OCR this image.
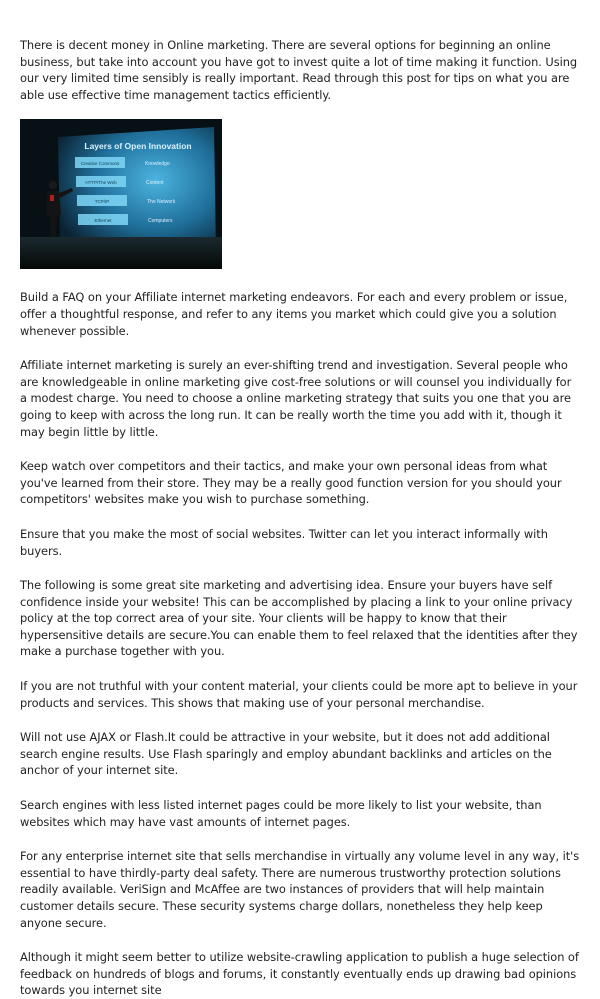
There is decent money in Online marketing. There are several options for beginning an online business, but take into account you have got to invest quite a lot of time making it function. Using our very limited time sensibly is really important. Read through this post for tips on what you are able use effective time management tactics efficiently.

Layers of Open Innovation
Creative Commons	Knowledge
HTTP/The Web	Content
TCP/IP	The Network
Ethernet	Computers

Build a FAQ on your Affiliate internet marketing endeavors. For each and every problem or issue, offer a thoughtful response, and refer to any items you market which could give you a solution whenever possible.

Affiliate internet marketing is surely an ever-shifting trend and investigation. Several people who are knowledgeable in online marketing give cost-free solutions or will counsel you individually for a modest charge. You need to choose a online marketing strategy that suits you one that you are going to keep with across the long run. It can be really worth the time you add with it, though it may begin little by little.

Keep watch over competitors and their tactics, and make your own personal ideas from what you've learned from their store. They may be a really good function version for you should your competitors' websites make you wish to purchase something.

Ensure that you make the most of social websites. Twitter can let you interact informally with buyers.

The following is some great site marketing and advertising idea. Ensure your buyers have self confidence inside your website! This can be accomplished by placing a link to your online privacy policy at the top correct area of your site. Your clients will be happy to know that their hypersensitive details are secure.You can enable them to feel relaxed that the identities after they make a purchase together with you.

If you are not truthful with your content material, your clients could be more apt to believe in your products and services. This shows that making use of your personal merchandise.

Will not use AJAX or Flash.It could be attractive in your website, but it does not add additional search engine results. Use Flash sparingly and employ abundant backlinks and articles on the anchor of your internet site.

Search engines with less listed internet pages could be more likely to list your website, than websites which may have vast amounts of internet pages.

For any enterprise internet site that sells merchandise in virtually any volume level in any way, it's essential to have thirdly-party deal safety. There are numerous trustworthy protection solutions readily available. VeriSign and McAffee are two instances of providers that will help maintain customer details secure. These security systems charge dollars, nonetheless they help keep anyone secure.

Although it might seem better to utilize website-crawling application to publish a huge selection of feedback on hundreds of blogs and forums, it constantly eventually ends up drawing bad opinions towards you internet site
